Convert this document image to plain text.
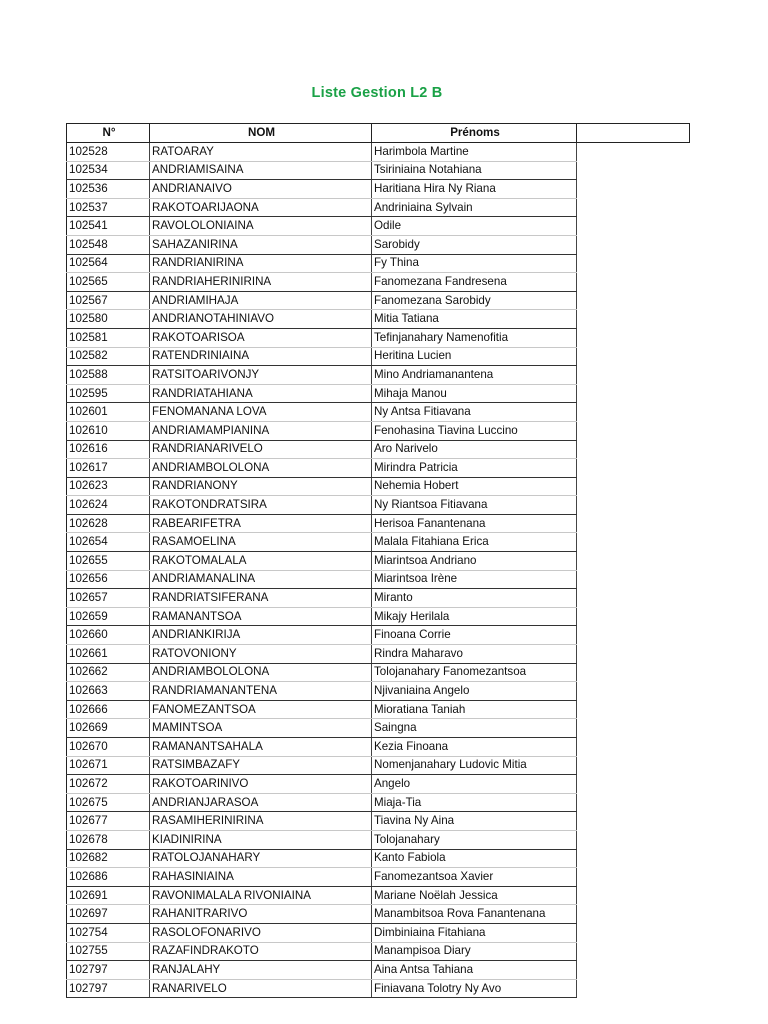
Liste Gestion L2 B
N°	NOM	Prénoms	
102528	RATOARAY	Harimbola Martine	
102534	ANDRIAMISAINA	Tsiriniaina Notahiana	
102536	ANDRIANAIVO	Haritiana Hira Ny Riana	
102537	RAKOTOARIJAONA	Andriniaina Sylvain	
102541	RAVOLOLONIAINA	Odile	
102548	SAHAZANIRINA	Sarobidy	
102564	RANDRIANIRINA	Fy Thina	
102565	RANDRIAHERINIRINA	Fanomezana Fandresena	
102567	ANDRIAMIHAJA	Fanomezana Sarobidy	
102580	ANDRIANOTAHINIAVO	Mitia Tatiana	
102581	RAKOTOARISOA	Tefinjanahary Namenofitia	
102582	RATENDRINIAINA	Heritina Lucien	
102588	RATSITOARIVONJY	Mino Andriamanantena	
102595	RANDRIATAHIANA	Mihaja Manou	
102601	FENOMANANA LOVA	Ny Antsa Fitiavana	
102610	ANDRIAMAMPIANINA	Fenohasina Tiavina Luccino	
102616	RANDRIANARIVELO	Aro Narivelo	
102617	ANDRIAMBOLOLONA	Mirindra Patricia	
102623	RANDRIANONY	Nehemia Hobert	
102624	RAKOTONDRATSIRA	Ny Riantsoa Fitiavana	
102628	RABEARIFETRA	Herisoa Fanantenana	
102654	RASAMOELINA	Malala Fitahiana Erica	
102655	RAKOTOMALALA	Miarintsoa Andriano	
102656	ANDRIAMANALINA	Miarintsoa Irène	
102657	RANDRIATSIFERANA	Miranto	
102659	RAMANANTSOA	Mikajy Herilala	
102660	ANDRIANKIRIJA	Finoana Corrie	
102661	RATOVONIONY	Rindra Maharavo	
102662	ANDRIAMBOLOLONA	Tolojanahary Fanomezantsoa	
102663	RANDRIAMANANTENA	Njivaniaina Angelo	
102666	FANOMEZANTSOA	Mioratiana Taniah	
102669	MAMINTSOA	Saingna	
102670	RAMANANTSAHALA	Kezia Finoana	
102671	RATSIMBAZAFY	Nomenjanahary Ludovic Mitia	
102672	RAKOTOARINIVO	Angelo	
102675	ANDRIANJARASOA	Miaja-Tia	
102677	RASAMIHERINIRINA	Tiavina Ny Aina	
102678	KIADINIRINA	Tolojanahary	
102682	RATOLOJANAHARY	Kanto Fabiola	
102686	RAHASINIAINA	Fanomezantsoa Xavier	
102691	RAVONIMALALA RIVONIAINA	Mariane Noëlah Jessica	
102697	RAHANITRARIVO	Manambitsoa Rova Fanantenana	
102754	RASOLOFONARIVO	Dimbiniaina Fitahiana	
102755	RAZAFINDRAKOTO	Manampisoa Diary	
102797	RANJALAHY	Aina Antsa Tahiana	
102797	RANARIVELO	Finiavana Tolotry Ny Avo	
